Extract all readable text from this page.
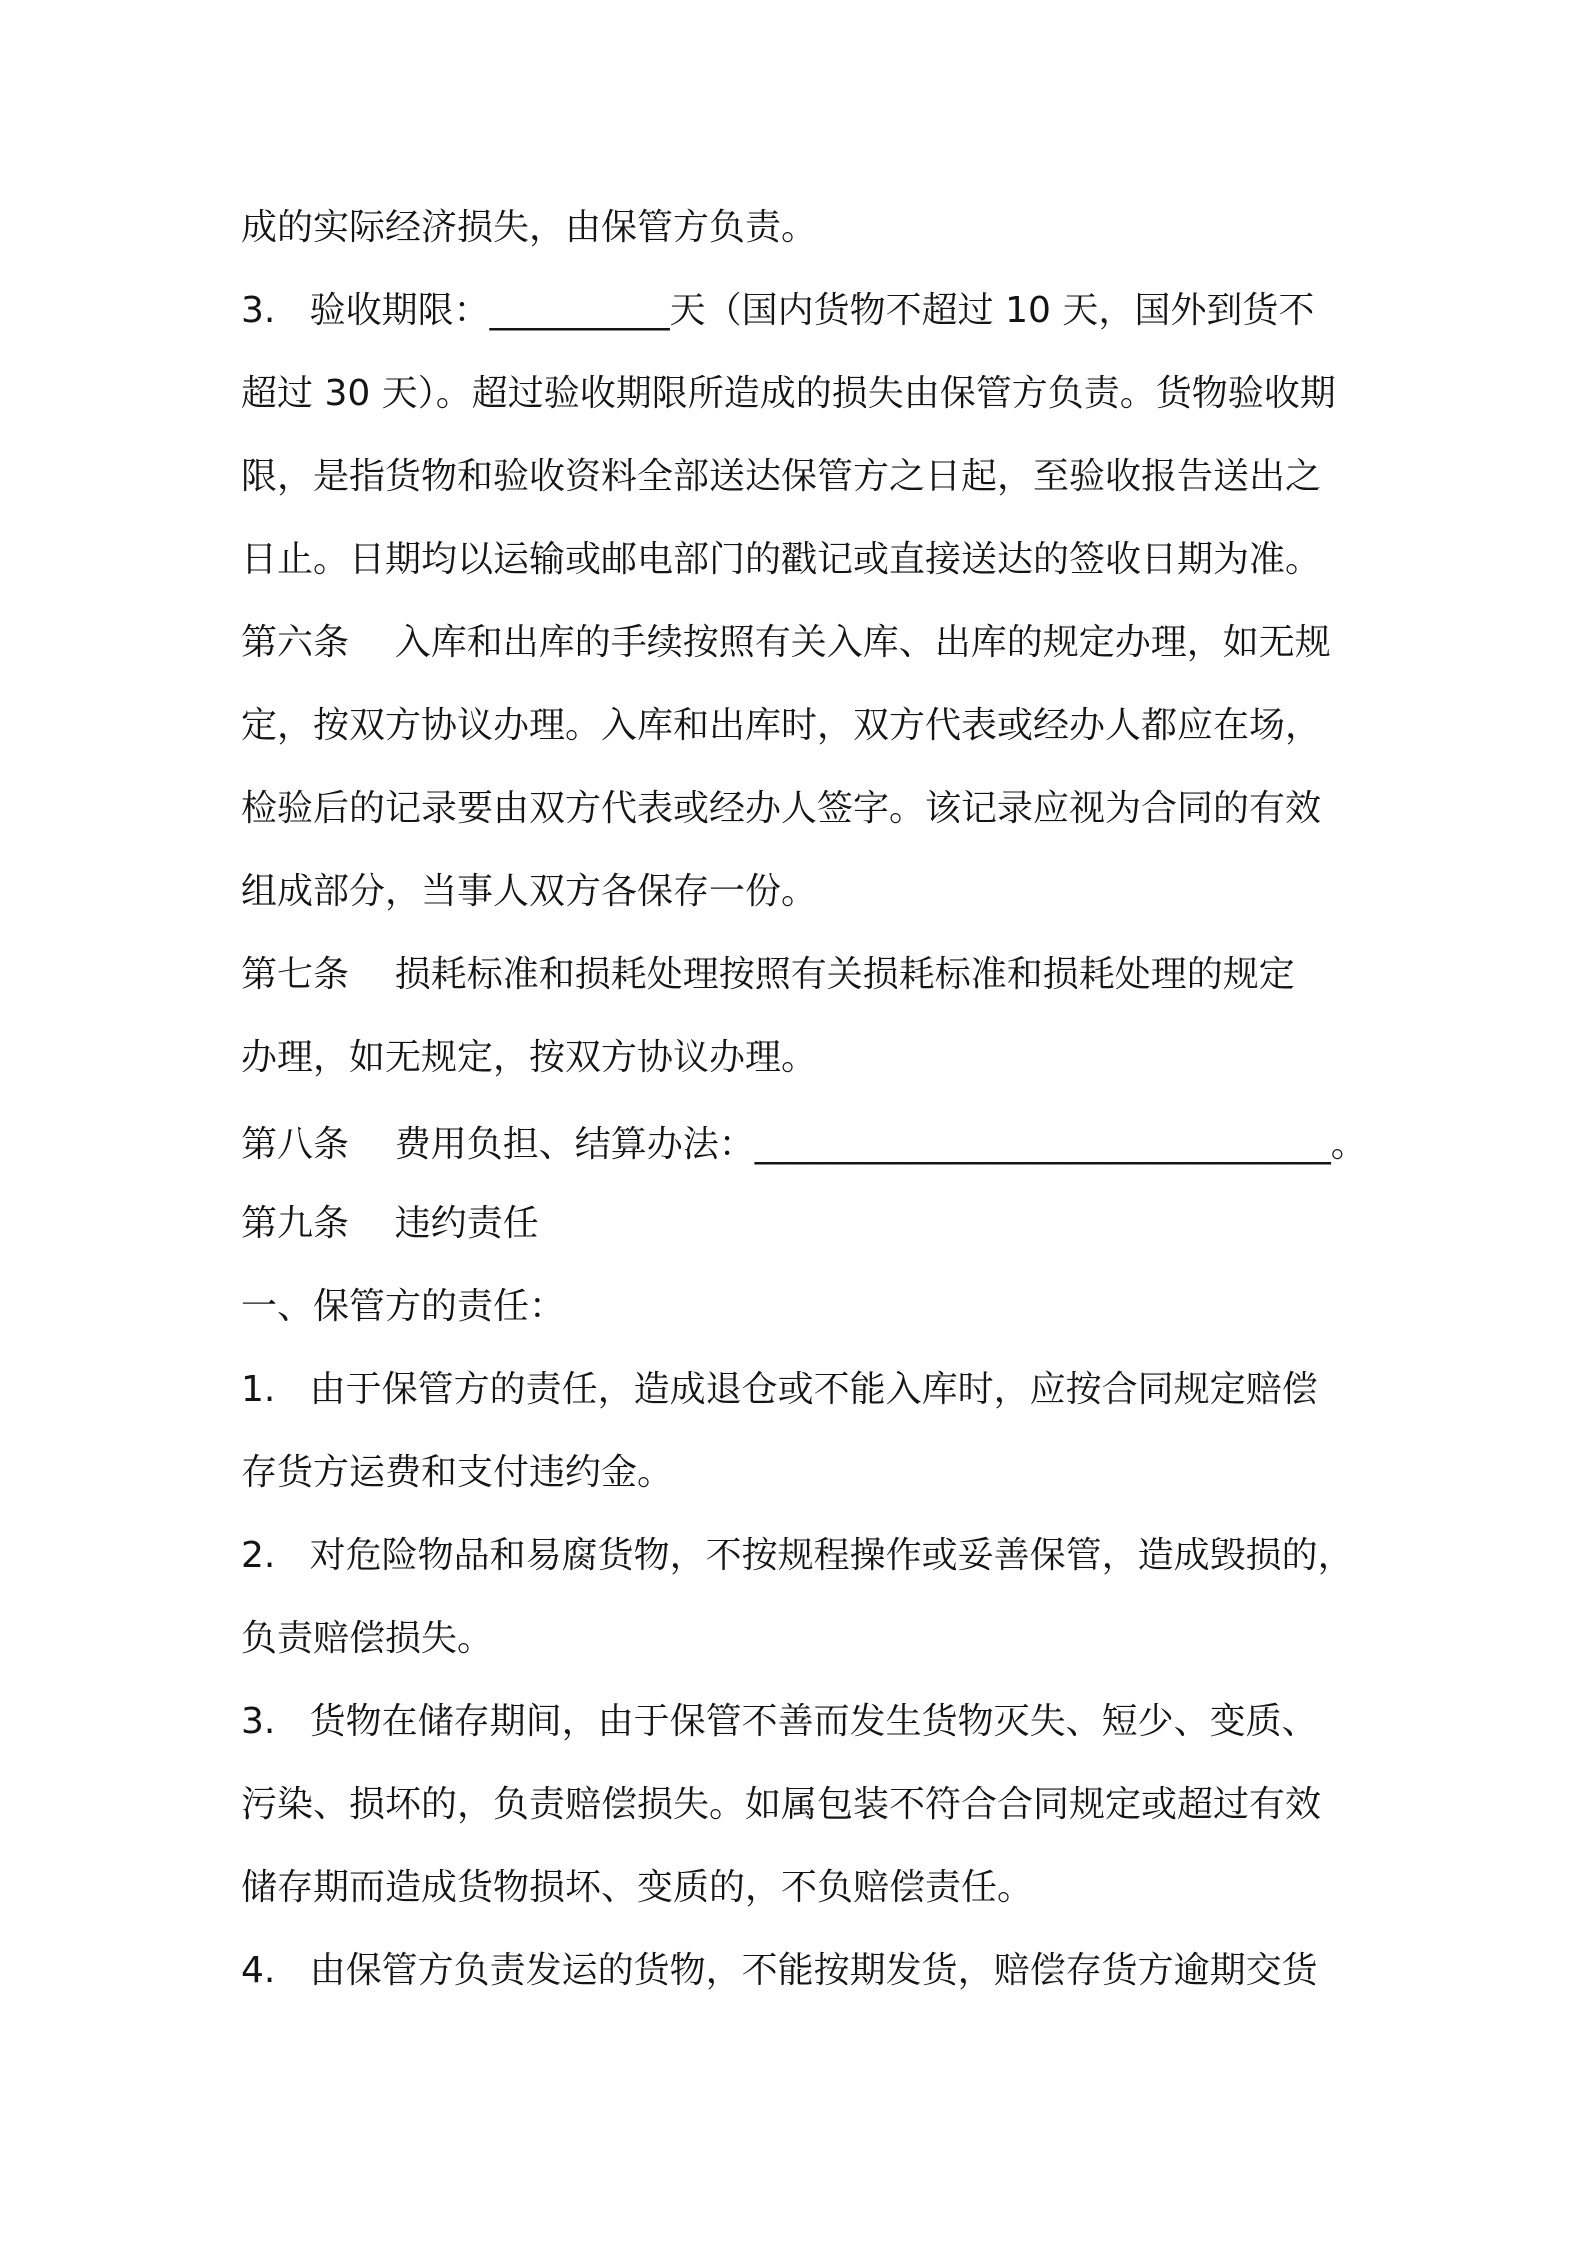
成的实际经济损失，由保管方负责。
3.   验收期限：__________天（国内货物不超过 10 天，国外到货不
超过 30 天）。超过验收期限所造成的损失由保管方负责。货物验收期
限，是指货物和验收资料全部送达保管方之日起，至验收报告送出之
日止。日期均以运输或邮电部门的戳记或直接送达的签收日期为准。
第六条    入库和出库的手续按照有关入库、出库的规定办理，如无规
定，按双方协议办理。入库和出库时，双方代表或经办人都应在场，
检验后的记录要由双方代表或经办人签字。该记录应视为合同的有效
组成部分，当事人双方各保存一份。
第七条    损耗标准和损耗处理按照有关损耗标准和损耗处理的规定
办理，如无规定，按双方协议办理。
第八条    费用负担、结算办法：________________________________。
第九条    违约责任
一、保管方的责任：
1.   由于保管方的责任，造成退仓或不能入库时，应按合同规定赔偿
存货方运费和支付违约金。
2.   对危险物品和易腐货物，不按规程操作或妥善保管，造成毁损的，
负责赔偿损失。
3.   货物在储存期间，由于保管不善而发生货物灭失、短少、变质、
污染、损坏的，负责赔偿损失。如属包装不符合合同规定或超过有效
储存期而造成货物损坏、变质的，不负赔偿责任。
4.   由保管方负责发运的货物，不能按期发货，赔偿存货方逾期交货
